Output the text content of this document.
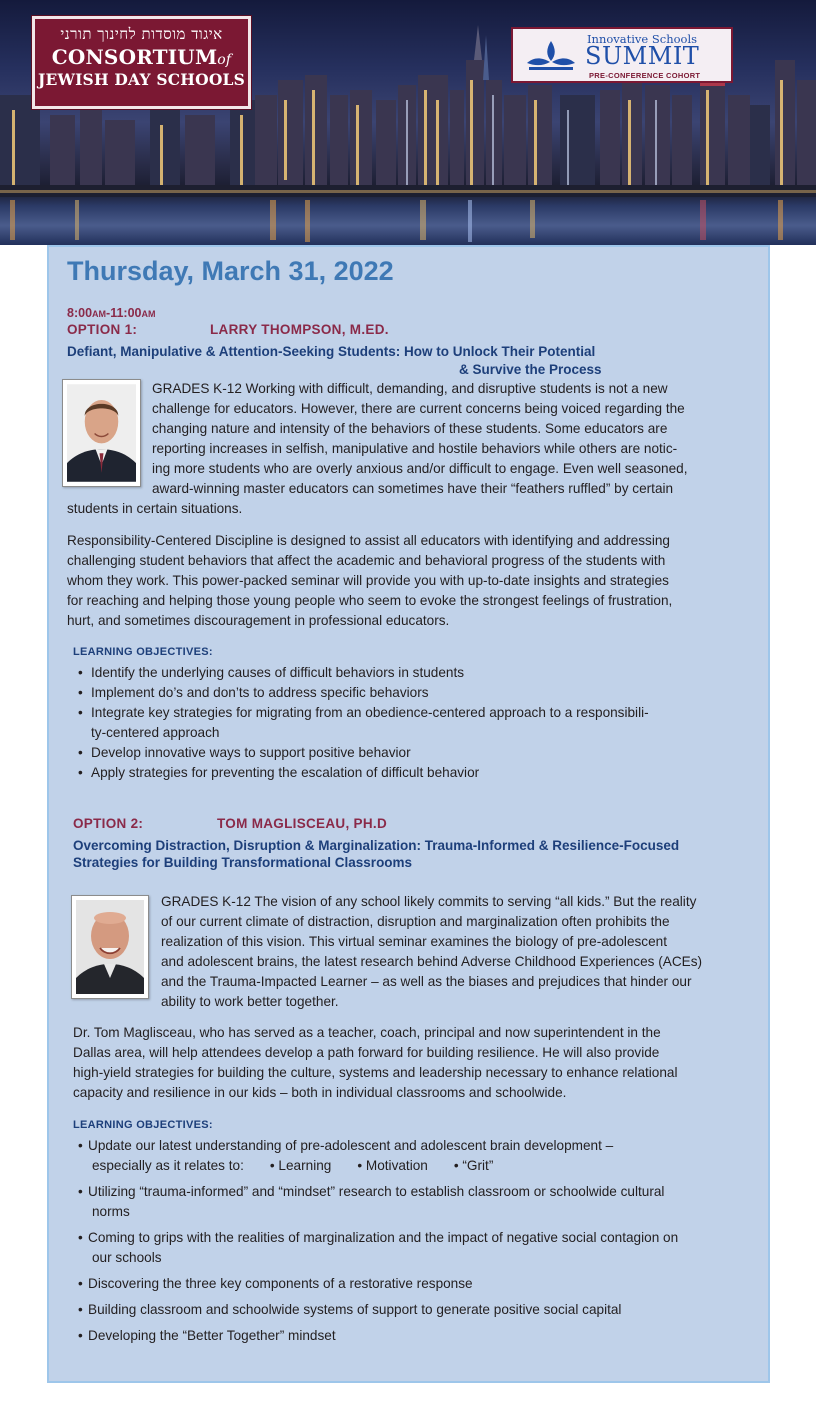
איגוד מוסדות לחינוך תורני
CONSORTIUMof
JEWISH DAY SCHOOLS
Innovative Schools
SUMMIT
PRE-CONFERENCE COHORT
Thursday, March 31, 2022
8:00AM-11:00AM
OPTION 1:	LARRY THOMPSON, M.ED.
Defiant, Manipulative & Attention-Seeking Students: How to Unlock Their Potential
& Survive the Process
GRADES K-12 Working with difficult, demanding, and disruptive students is not a new
challenge for educators. However, there are current concerns being voiced regarding the
changing nature and intensity of the behaviors of these students. Some educators are
reporting increases in selfish, manipulative and hostile behaviors while others are notic-
ing more students who are overly anxious and/or difficult to engage. Even well seasoned,
award-winning master educators can sometimes have their “feathers ruffled” by certain
students in certain situations.
Responsibility-Centered Discipline is designed to assist all educators with identifying and addressing
challenging student behaviors that affect the academic and behavioral progress of the students with
whom they work. This power-packed seminar will provide you with up-to-date insights and strategies
for reaching and helping those young people who seem to evoke the strongest feelings of frustration,
hurt, and sometimes discouragement in professional educators.
LEARNING OBJECTIVES:
• Identify the underlying causes of difficult behaviors in students
• Implement do’s and don’ts to address specific behaviors
• Integrate key strategies for migrating from an obedience-centered approach to a responsibili-
ty-centered approach
• Develop innovative ways to support positive behavior
• Apply strategies for preventing the escalation of difficult behavior
OPTION 2:	TOM MAGLISCEAU, PH.D
Overcoming Distraction, Disruption & Marginalization: Trauma-Informed & Resilience-Focused
Strategies for Building Transformational Classrooms
GRADES K-12 The vision of any school likely commits to serving “all kids.” But the reality
of our current climate of distraction, disruption and marginalization often prohibits the
realization of this vision. This virtual seminar examines the biology of pre-adolescent
and adolescent brains, the latest research behind Adverse Childhood Experiences (ACEs)
and the Trauma-Impacted Learner – as well as the biases and prejudices that hinder our
ability to work better together.
Dr. Tom Maglisceau, who has served as a teacher, coach, principal and now superintendent in the
Dallas area, will help attendees develop a path forward for building resilience. He will also provide
high-yield strategies for building the culture, systems and leadership necessary to enhance relational
capacity and resilience in our kids – both in individual classrooms and schoolwide.
LEARNING OBJECTIVES:
• Update our latest understanding of pre-adolescent and adolescent brain development –
especially as it relates to: • Learning • Motivation • “Grit”
• Utilizing “trauma-informed” and “mindset” research to establish classroom or schoolwide cultural
norms
• Coming to grips with the realities of marginalization and the impact of negative social contagion on
our schools
• Discovering the three key components of a restorative response
• Building classroom and schoolwide systems of support to generate positive social capital
• Developing the “Better Together” mindset
